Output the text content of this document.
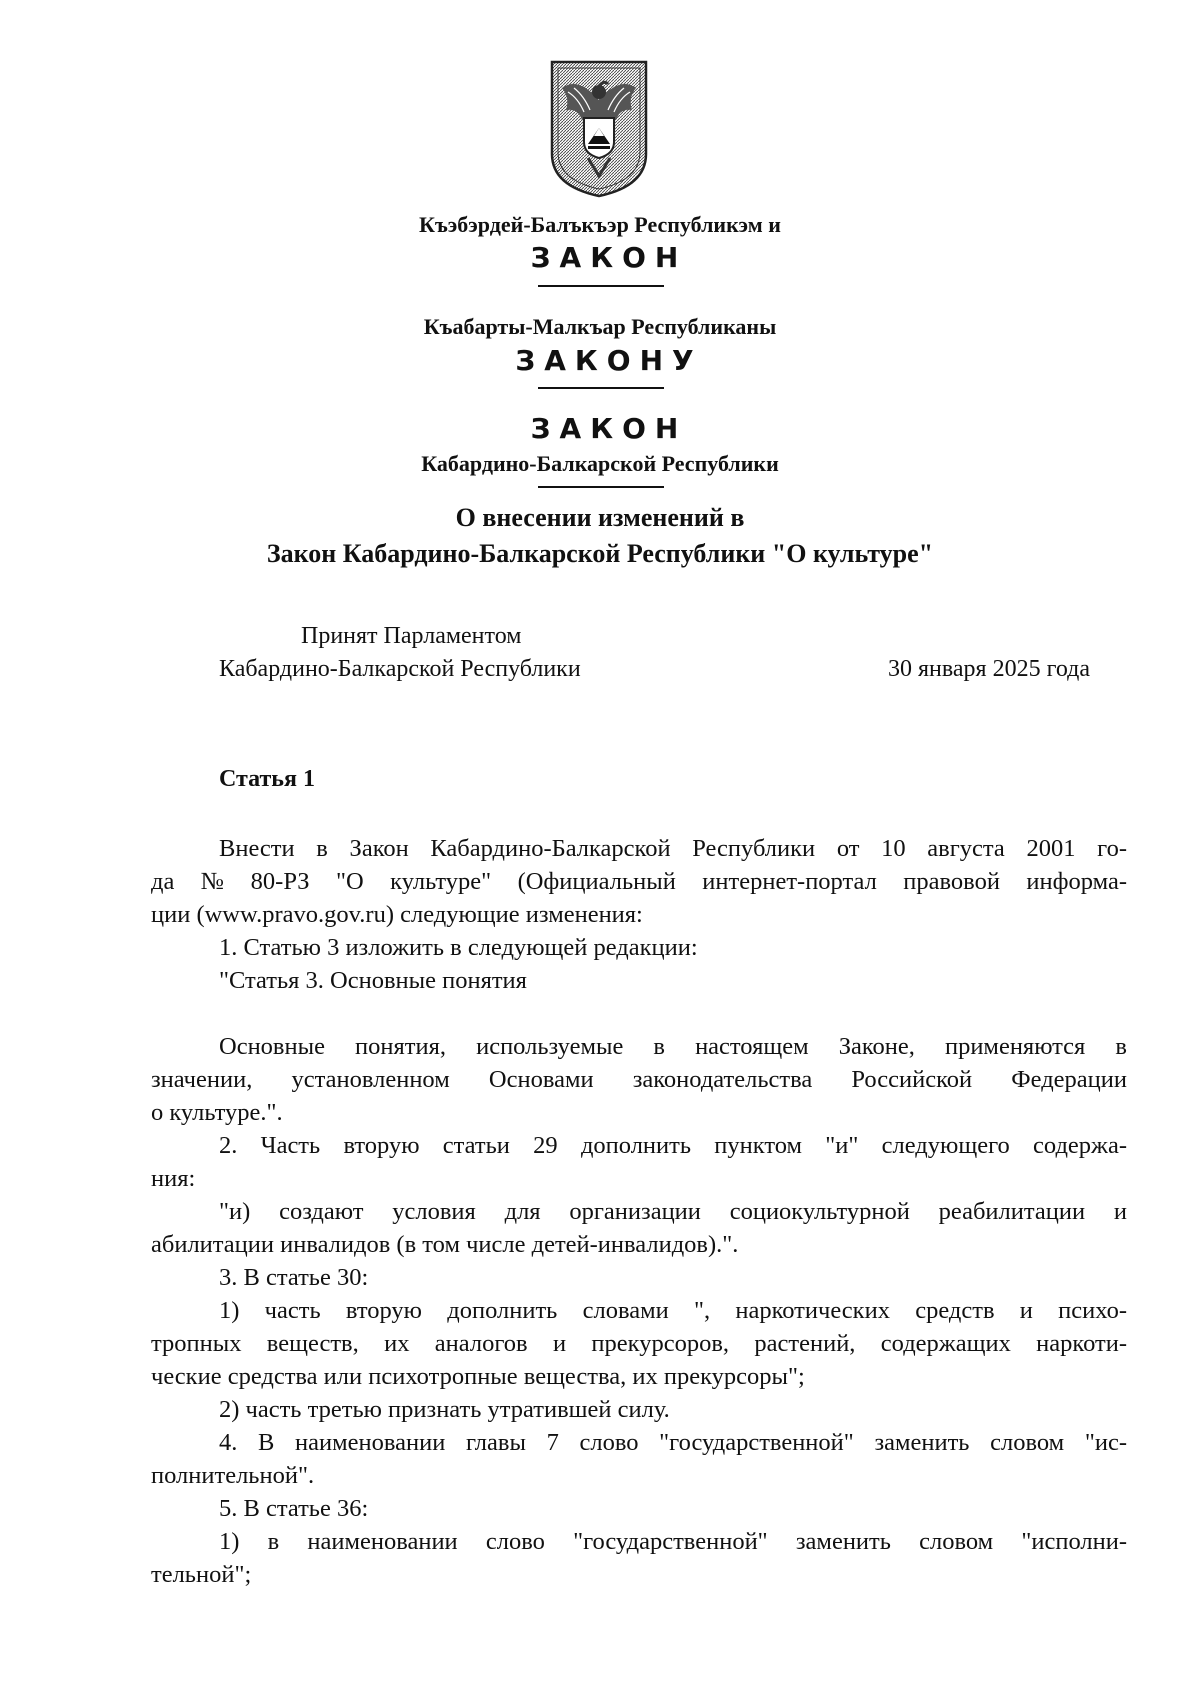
Къэбэрдей-Балъкъэр Республикэм и
ЗАКОН
Къабарты-Малкъар Республиканы
ЗАКОНУ
ЗАКОН
Кабардино-Балкарской Республики
О внесении изменений в
Закон Кабардино-Балкарской Республики "О культуре"
Принят Парламентом
Кабардино-Балкарской Республики	30 января 2025 года
Статья 1
Внести в Закон Кабардино-Балкарской Республики от 10 августа 2001 го-
да № 80-РЗ "О культуре" (Официальный интернет-портал правовой информа-
ции (www.pravo.gov.ru) следующие изменения:
1. Статью 3 изложить в следующей редакции:
"Статья 3. Основные понятия
Основные понятия, используемые в настоящем Законе, применяются в
значении, установленном Основами законодательства Российской Федерации
о культуре.".
2. Часть вторую статьи 29 дополнить пунктом "и" следующего содержа-
ния:
"и) создают условия для организации социокультурной реабилитации и
абилитации инвалидов (в том числе детей-инвалидов).".
3. В статье 30:
1) часть вторую дополнить словами ", наркотических средств и психо-
тропных веществ, их аналогов и прекурсоров, растений, содержащих наркоти-
ческие средства или психотропные вещества, их прекурсоры";
2) часть третью признать утратившей силу.
4. В наименовании главы 7 слово "государственной" заменить словом "ис-
полнительной".
5. В статье 36:
1) в наименовании слово "государственной" заменить словом "исполни-
тельной";
